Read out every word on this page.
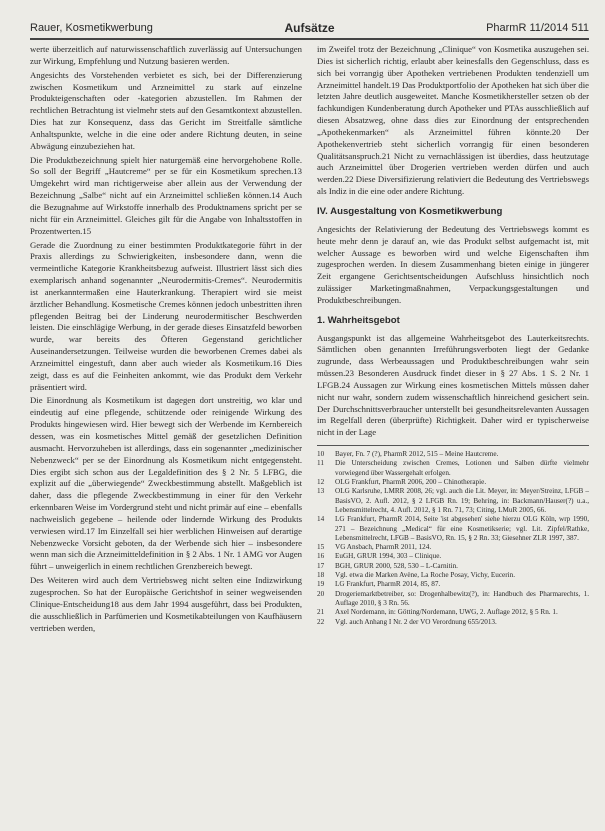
Rauer, Kosmetikwerbung	Aufsätze	PharmR 11/2014 511

werte überzeitlich auf naturwissenschaftlich zuverlässig auf Untersuchungen zur Wirkung, Empfehlung und Nutzung basieren werden.

Angesichts des Vorstehenden verbietet es sich, bei der Differenzierung zwischen Kosmetikum und Arzneimittel zu stark auf einzelne Produkteigenschaften oder -kategorien abzustellen. Im Rahmen der rechtlichen Betrachtung ist vielmehr stets auf den Gesamtkontext abzustellen. Dies hat zur Konsequenz, dass das Gericht im Streitfalle sämtliche Anhaltspunkte, welche in die eine oder andere Richtung deuten, in seine Abwägung einzubeziehen hat.

Die Produktbezeichnung spielt hier naturgemäß eine hervorgehobene Rolle. So soll der Begriff „Hautcreme“ per se für ein Kosmetikum sprechen.13 Umgekehrt wird man richtigerweise aber allein aus der Verwendung der Bezeichnung „Salbe“ nicht auf ein Arzneimittel schließen können.14 Auch die Bezugnahme auf Wirkstoffe innerhalb des Produktnamens spricht per se nicht für ein Arzneimittel. Gleiches gilt für die Angabe von Inhaltsstoffen in Prozentwerten.15

Gerade die Zuordnung zu einer bestimmten Produktkategorie führt in der Praxis allerdings zu Schwierigkeiten, insbesondere dann, wenn die vermeintliche Kategorie Krankheitsbezug aufweist. Illustriert lässt sich dies exemplarisch anhand sogenannter „Neurodermitis-Cremes“. Neurodermitis ist anerkanntermaßen eine Hauterkrankung. Therapiert wird sie meist ärztlicher Behandlung. Kosmetische Cremes können jedoch unbestritten ihren pflegenden Beitrag bei der Linderung neurodermitischer Beschwerden leisten. Die einschlägige Werbung, in der gerade dieses Einsatzfeld beworben wurde, war bereits des Öfteren Gegenstand gerichtlicher Auseinandersetzungen. Teilweise wurden die beworbenen Cremes dabei als Arzneimittel eingestuft, dann aber auch wieder als Kosmetikum.16 Dies zeigt, dass es auf die Feinheiten ankommt, wie das Produkt dem Verkehr präsentiert wird.

Die Einordnung als Kosmetikum ist dagegen dort unstreitig, wo klar und eindeutig auf eine pflegende, schützende oder reinigende Wirkung des Produkts hingewiesen wird. Hier bewegt sich der Werbende im Kernbereich dessen, was ein kosmetisches Mittel gemäß der gesetzlichen Definition ausmacht. Hervorzuheben ist allerdings, dass ein sogenannter „medizinischer Nebenzweck“ per se der Einordnung als Kosmetikum nicht entgegensteht. Dies ergibt sich schon aus der Legaldefinition des § 2 Nr. 5 LFBG, die explizit auf die „überwiegende“ Zweckbestimmung abstellt. Maßgeblich ist daher, dass die pflegende Zweckbestimmung in einer für den Verkehr erkennbaren Weise im Vordergrund steht und nicht primär auf eine – ebenfalls nachweislich gegebene – heilende oder lindernde Wirkung des Produkts verwiesen wird.17 Im Einzelfall sei hier werblichen Hinweisen auf derartige Nebenzwecke Vorsicht geboten, da der Werbende sich hier – insbesondere wenn man sich die Arzneimitteldefinition in § 2 Abs. 1 Nr. 1 AMG vor Augen führt – unweigerlich in einem rechtlichen Grenzbereich bewegt.

Des Weiteren wird auch dem Vertriebsweg nicht selten eine Indizwirkung zugesprochen. So hat der Europäische Gerichtshof in seiner wegweisenden Clinique-Entscheidung18 aus dem Jahr 1994 ausgeführt, dass bei Produkten, die ausschließlich in Parfümerien und Kosmetikabteilungen von Kaufhäusern vertrieben werden,

im Zweifel trotz der Bezeichnung „Clinique“ von Kosmetika auszugehen sei. Dies ist sicherlich richtig, erlaubt aber keinesfalls den Gegenschluss, dass es sich bei vorrangig über Apotheken vertriebenen Produkten tendenziell um Arzneimittel handelt.19 Das Produktportfolio der Apotheken hat sich über die letzten Jahre deutlich ausgeweitet. Manche Kosmetikhersteller setzen ob der fachkundigen Kundenberatung durch Apotheker und PTAs ausschließlich auf diesen Absatzweg, ohne dass dies zur Einordnung der entsprechenden „Apothekenmarken“ als Arzneimittel führen könnte.20 Der Apothekenvertrieb steht sicherlich vorrangig für einen besonderen Qualitätsanspruch.21 Nicht zu vernachlässigen ist überdies, dass heutzutage auch Arzneimittel über Drogerien vertrieben werden dürfen und auch werden.22 Diese Diversifizierung relativiert die Bedeutung des Vertriebswegs als Indiz in die eine oder andere Richtung.

IV. Ausgestaltung von Kosmetikwerbung

Angesichts der Relativierung der Bedeutung des Vertriebswegs kommt es heute mehr denn je darauf an, wie das Produkt selbst aufgemacht ist, mit welcher Aussage es beworben wird und welche Eigenschaften ihm zugesprochen werden. In diesem Zusammenhang bieten einige in jüngerer Zeit ergangene Gerichtsentscheidungen Aufschluss hinsichtlich noch zulässiger Marketingmaßnahmen, Verpackungsgestaltungen und Produktbeschreibungen.

1. Wahrheitsgebot

Ausgangspunkt ist das allgemeine Wahrheitsgebot des Lauterkeitsrechts. Sämtlichen oben genannten Irreführungsverboten liegt der Gedanke zugrunde, dass Werbeaussagen und Produktbeschreibungen wahr sein müssen.23 Besonderen Ausdruck findet dieser in § 27 Abs. 1 S. 2 Nr. 1 LFGB.24 Aussagen zur Wirkung eines kosmetischen Mittels müssen daher nicht nur wahr, sondern zudem wissenschaftlich hinreichend gesichert sein. Der Durchschnittsverbraucher unterstellt bei gesundheitsrelevanten Aussagen im Regelfall deren (überprüfte) Richtigkeit. Daher wird er typischerweise nicht in der Lage

10	Bayer, Fn. 7 (?), PharmR 2012, 515 – Meine Hautcreme.
11	Die Unterscheidung zwischen Cremes, Lotionen und Salben dürfte vielmehr vorwiegend über Wassergehalt erfolgen.
12	OLG Frankfurt, PharmR 2006, 200 – Chinotherapie.
13	OLG Karlsruhe, LMRR 2008, 26; vgl. auch die Lit. Meyer, in: Meyer/Streinz, LFGB – BasisVO, 2. Aufl. 2012, § 2 LFGB Rn. 19; Behring, in: Backmann/Hauser(?) u.a., Lebensmittelrecht, 4. Aufl. 2012, § 1 Rn. 71, 73; Citing, LMuR 2005, 66.
14	LG Frankfurt, PharmR 2014, Seite 'ist abgesehen' siehe hierzu OLG Köln, wrp 1990, 271 – Bezeichnung „Medical“ für eine Kosmetikserie; vgl. Lit. Zipfel/Rathke, Lebensmittelrecht, LFGB – BasisVO, Rn. 15, § 2 Rn. 33; Giesehner ZLR 1997, 387.
15	VG Ansbach, PharmR 2011, 124.
16	EuGH, GRUR 1994, 303 – Clinique.
17	BGH, GRUR 2000, 528, 530 – L-Carnitin.
18	Vgl. etwa die Marken Avène, La Roche Posay, Vichy, Eucerin.
19	LG Frankfurt, PharmR 2014, 85, 87.
20	Drogeriemarktbetreiber, so: Drogenhalbewitz(?), in: Handbuch des Pharmarechts, 1. Auflage 2010, § 3 Rn. 56.
21	Axel Nordemann, in: Götting/Nordemann, UWG, 2. Auflage 2012, § 5 Rn. 1.
22	Vgl. auch Anhang I Nr. 2 der VO Verordnung 655/2013.
